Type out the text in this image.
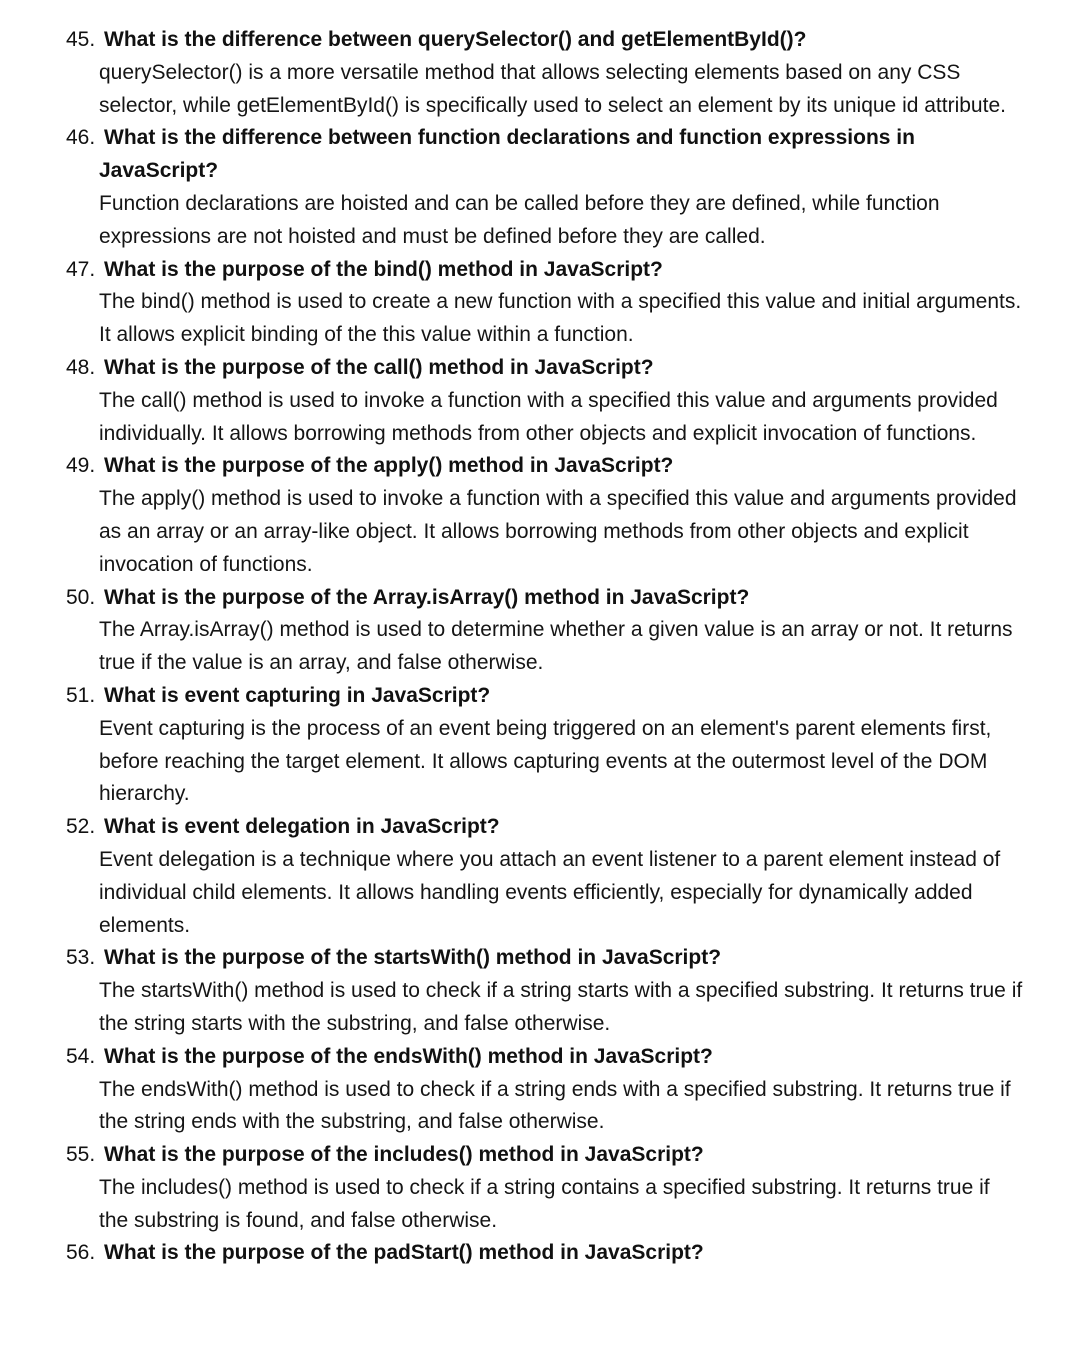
45. What is the difference between querySelector() and getElementById()?

querySelector() is a more versatile method that allows selecting elements based on any CSS selector, while getElementById() is specifically used to select an element by its unique id attribute.

46. What is the difference between function declarations and function expressions in JavaScript?

Function declarations are hoisted and can be called before they are defined, while function expressions are not hoisted and must be defined before they are called.

47. What is the purpose of the bind() method in JavaScript?

The bind() method is used to create a new function with a specified this value and initial arguments. It allows explicit binding of the this value within a function.

48. What is the purpose of the call() method in JavaScript?

The call() method is used to invoke a function with a specified this value and arguments provided individually. It allows borrowing methods from other objects and explicit invocation of functions.

49. What is the purpose of the apply() method in JavaScript?

The apply() method is used to invoke a function with a specified this value and arguments provided as an array or an array-like object. It allows borrowing methods from other objects and explicit invocation of functions.

50. What is the purpose of the Array.isArray() method in JavaScript?

The Array.isArray() method is used to determine whether a given value is an array or not. It returns true if the value is an array, and false otherwise.

51. What is event capturing in JavaScript?

Event capturing is the process of an event being triggered on an element's parent elements first, before reaching the target element. It allows capturing events at the outermost level of the DOM hierarchy.

52. What is event delegation in JavaScript?

Event delegation is a technique where you attach an event listener to a parent element instead of individual child elements. It allows handling events efficiently, especially for dynamically added elements.

53. What is the purpose of the startsWith() method in JavaScript?

The startsWith() method is used to check if a string starts with a specified substring. It returns true if the string starts with the substring, and false otherwise.

54. What is the purpose of the endsWith() method in JavaScript?

The endsWith() method is used to check if a string ends with a specified substring. It returns true if the string ends with the substring, and false otherwise.

55. What is the purpose of the includes() method in JavaScript?

The includes() method is used to check if a string contains a specified substring. It returns true if the substring is found, and false otherwise.

56. What is the purpose of the padStart() method in JavaScript?
